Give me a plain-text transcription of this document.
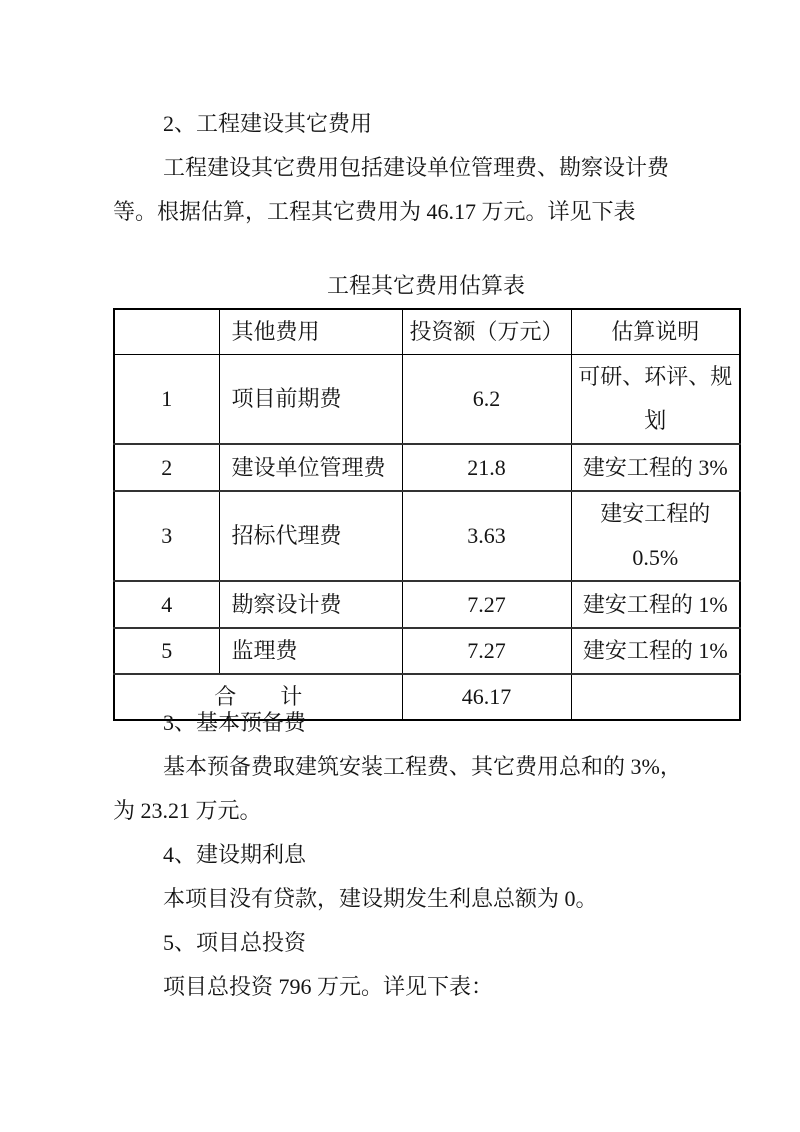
2、工程建设其它费用
工程建设其它费用包括建设单位管理费、勘察设计费
等。根据估算，工程其它费用为 46.17 万元。详见下表
工程其它费用估算表
	其他费用	投资额（万元）	估算说明
1	项目前期费	6.2	可研、环评、规
划

2	建设单位管理费	21.8	建安工程的 3%

3	招标代理费	3.63	建安工程的
0.5%

4	勘察设计费	7.27	建安工程的 1%

5	监理费	7.27	建安工程的 1%

合　　计		46.17	
3、基本预备费
基本预备费取建筑安装工程费、其它费用总和的 3%，
为 23.21 万元。
4、建设期利息
本项目没有贷款，建设期发生利息总额为 0。
5、项目总投资
项目总投资 796 万元。详见下表：
